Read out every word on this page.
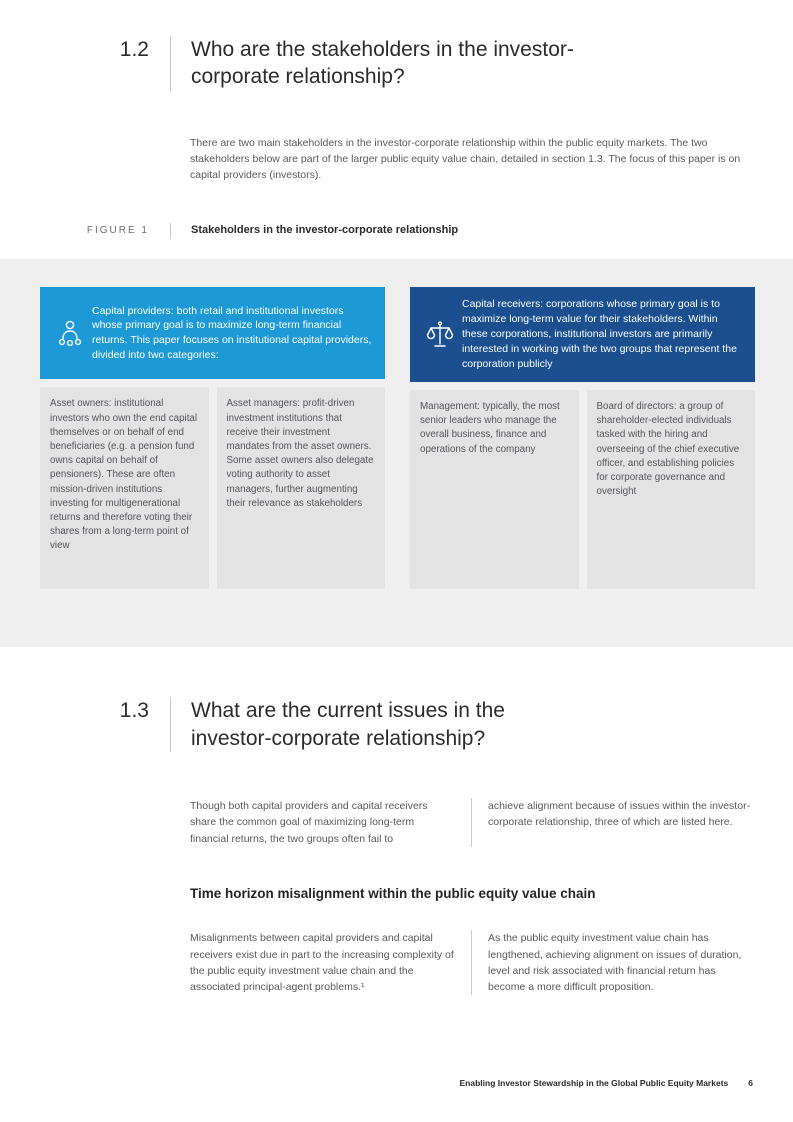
1.2	Who are the stakeholders in the investor-corporate relationship?

There are two main stakeholders in the investor-corporate relationship within the public equity markets. The two stakeholders below are part of the larger public equity value chain, detailed in section 1.3. The focus of this paper is on capital providers (investors).

FIGURE 1	Stakeholders in the investor-corporate relationship

Capital providers: both retail and institutional investors whose primary goal is to maximize long-term financial returns. This paper focuses on institutional capital providers, divided into two categories:

Asset owners: institutional investors who own the end capital themselves or on behalf of end beneficiaries (e.g. a pension fund owns capital on behalf of pensioners). These are often mission-driven institutions investing for multigenerational returns and therefore voting their shares from a long-term point of view

Asset managers: profit-driven investment institutions that receive their investment mandates from the asset owners. Some asset owners also delegate voting authority to asset managers, further augmenting their relevance as stakeholders

Capital receivers: corporations whose primary goal is to maximize long-term value for their stakeholders. Within these corporations, institutional investors are primarily interested in working with the two groups that represent the corporation publicly

Management: typically, the most senior leaders who manage the overall business, finance and operations of the company

Board of directors: a group of shareholder-elected individuals tasked with the hiring and overseeing of the chief executive officer, and establishing policies for corporate governance and oversight

1.3	What are the current issues in the investor-corporate relationship?

Though both capital providers and capital receivers share the common goal of maximizing long-term financial returns, the two groups often fail to

achieve alignment because of issues within the investor-corporate relationship, three of which are listed here.

Time horizon misalignment within the public equity value chain

Misalignments between capital providers and capital receivers exist due in part to the increasing complexity of the public equity investment value chain and the associated principal-agent problems.¹

As the public equity investment value chain has lengthened, achieving alignment on issues of duration, level and risk associated with financial return has become a more difficult proposition.

Enabling Investor Stewardship in the Global Public Equity Markets 6
